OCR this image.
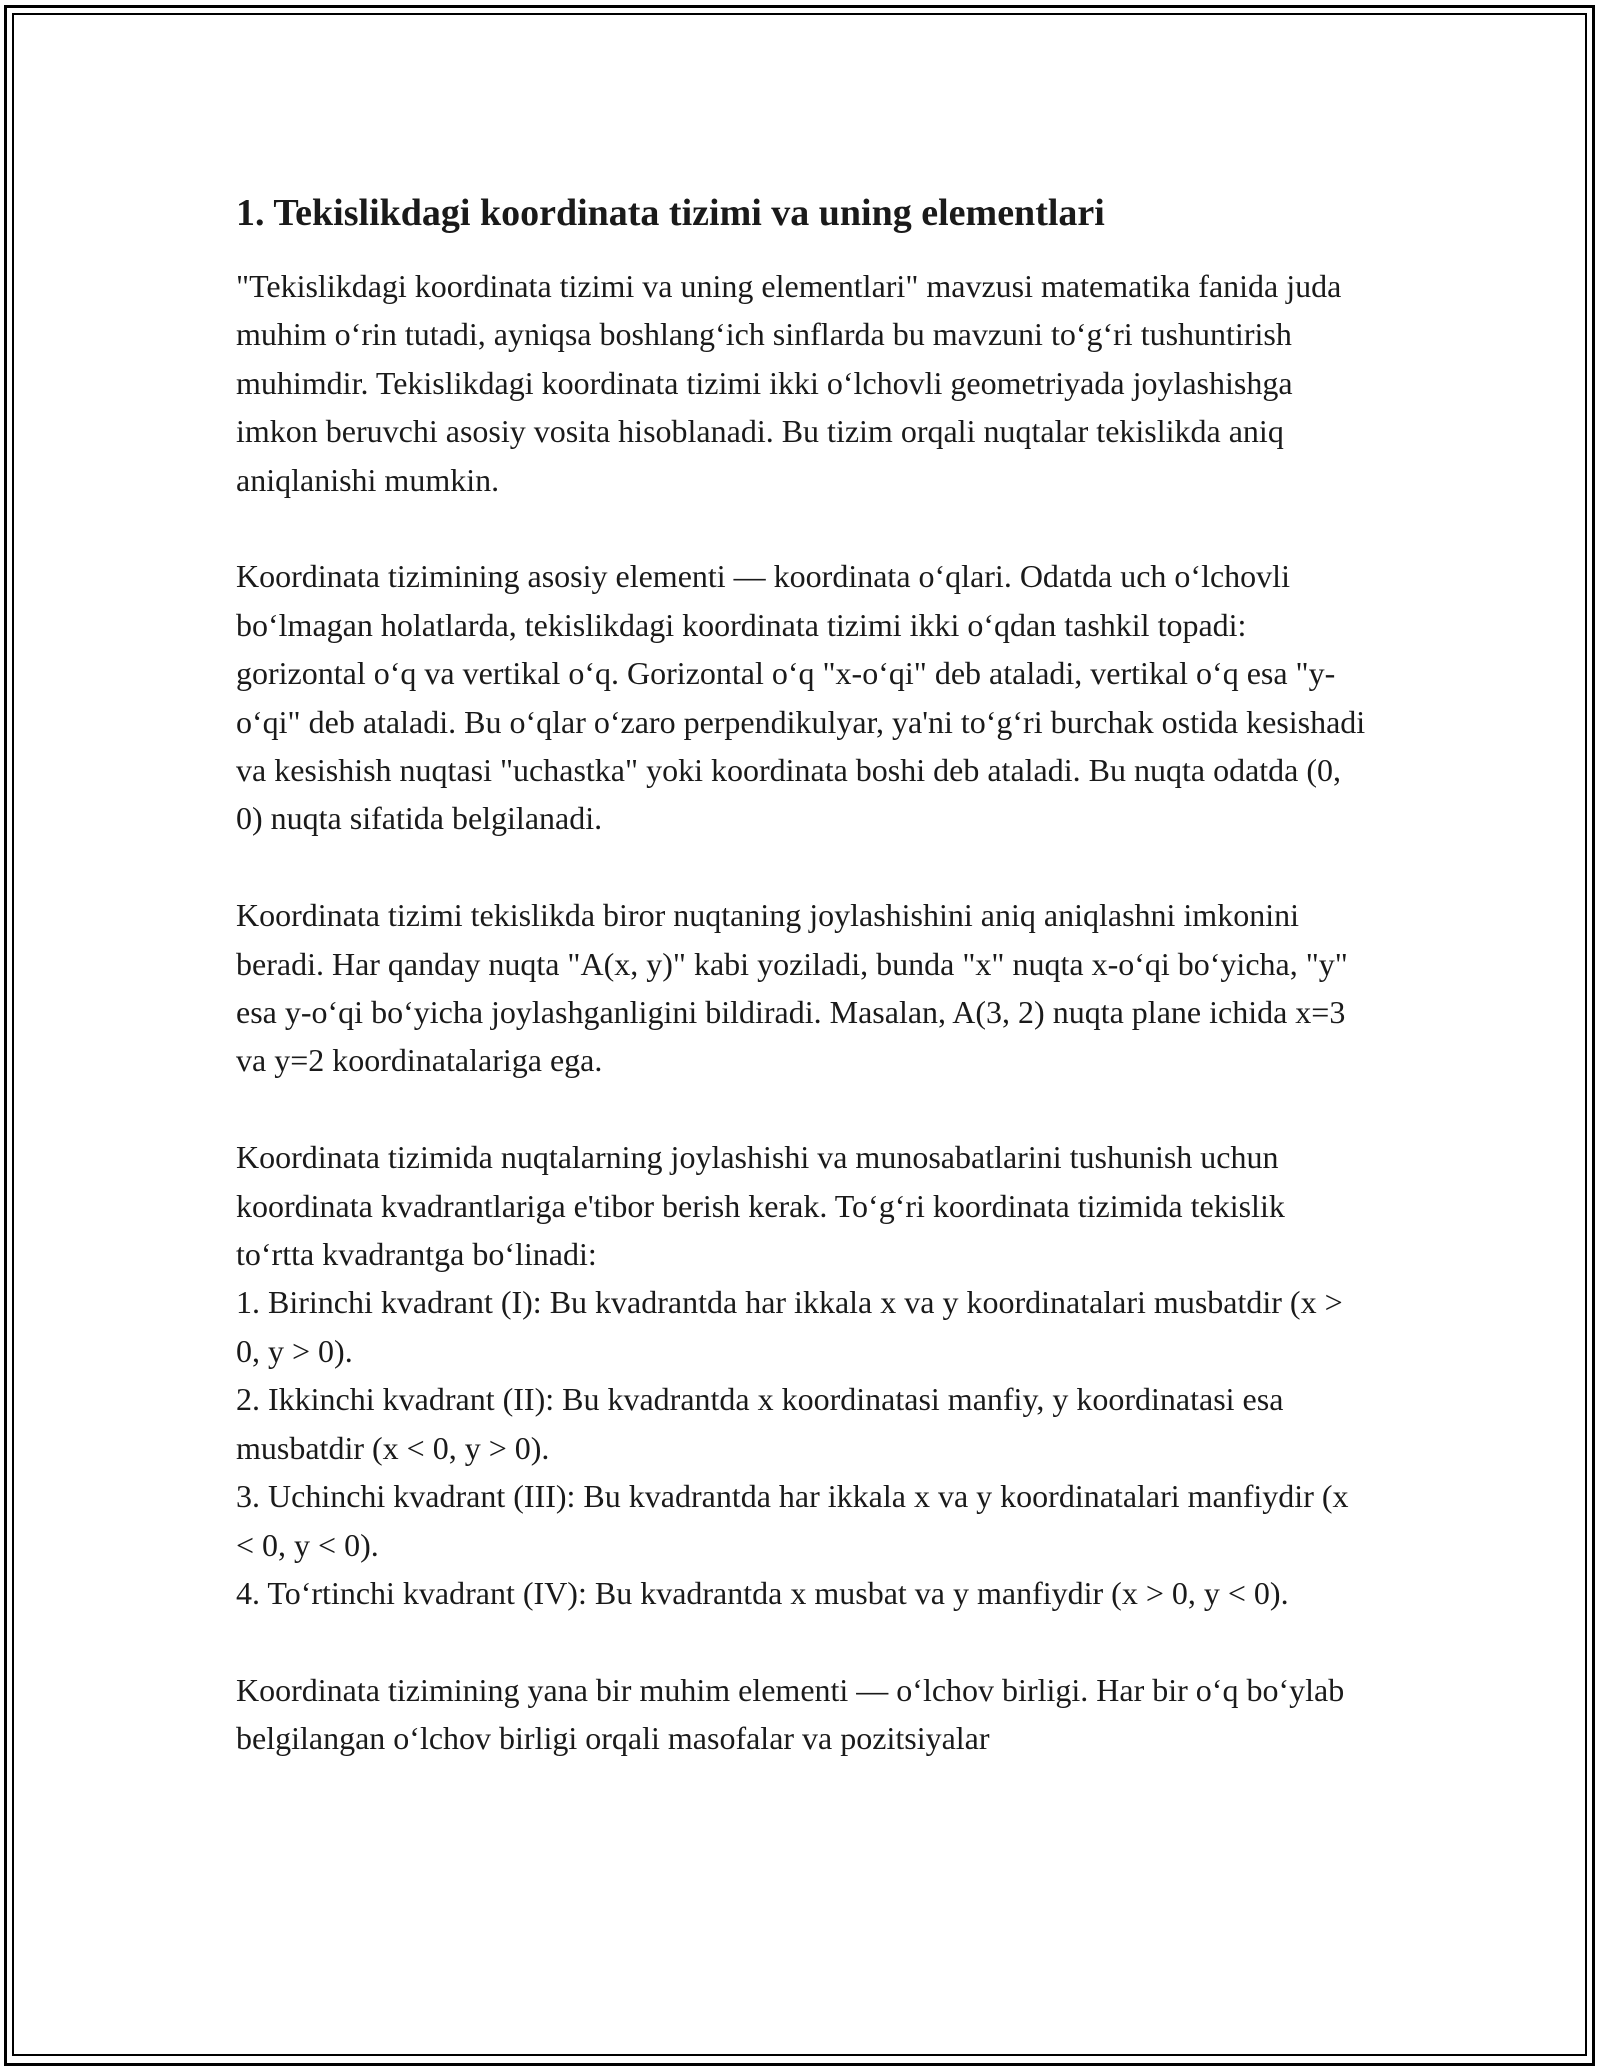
1. Tekislikdagi koordinata tizimi va uning elementlari

"Tekislikdagi koordinata tizimi va uning elementlari" mavzusi matematika fanida juda muhim o‘rin tutadi, ayniqsa boshlang‘ich sinflarda bu mavzuni to‘g‘ri tushuntirish muhimdir. Tekislikdagi koordinata tizimi ikki o‘lchovli geometriyada joylashishga imkon beruvchi asosiy vosita hisoblanadi. Bu tizim orqali nuqtalar tekislikda aniq aniqlanishi mumkin.

Koordinata tizimining asosiy elementi — koordinata o‘qlari. Odatda uch o‘lchovli bo‘lmagan holatlarda, tekislikdagi koordinata tizimi ikki o‘qdan tashkil topadi: gorizontal o‘q va vertikal o‘q. Gorizontal o‘q "x-o‘qi" deb ataladi, vertikal o‘q esa "y-o‘qi" deb ataladi. Bu o‘qlar o‘zaro perpendikulyar, ya'ni to‘g‘ri burchak ostida kesishadi va kesishish nuqtasi "uchastka" yoki koordinata boshi deb ataladi. Bu nuqta odatda (0, 0) nuqta sifatida belgilanadi.

Koordinata tizimi tekislikda biror nuqtaning joylashishini aniq aniqlashni imkonini beradi. Har qanday nuqta "A(x, y)" kabi yoziladi, bunda "x" nuqta x-o‘qi bo‘yicha, "y" esa y-o‘qi bo‘yicha joylashganligini bildiradi. Masalan, A(3, 2) nuqta plane ichida x=3 va y=2 koordinatalariga ega.

Koordinata tizimida nuqtalarning joylashishi va munosabatlarini tushunish uchun koordinata kvadrantlariga e'tibor berish kerak. To‘g‘ri koordinata tizimida tekislik to‘rtta kvadrantga bo‘linadi:

1. Birinchi kvadrant (I): Bu kvadrantda har ikkala x va y koordinatalari musbatdir (x > 0, y > 0).
2. Ikkinchi kvadrant (II): Bu kvadrantda x koordinatasi manfiy, y koordinatasi esa musbatdir (x < 0, y > 0).
3. Uchinchi kvadrant (III): Bu kvadrantda har ikkala x va y koordinatalari manfiydir (x < 0, y < 0).
4. To‘rtinchi kvadrant (IV): Bu kvadrantda x musbat va y manfiydir (x > 0, y < 0).

Koordinata tizimining yana bir muhim elementi — o‘lchov birligi. Har bir o‘q bo‘ylab belgilangan o‘lchov birligi orqali masofalar va pozitsiyalar
